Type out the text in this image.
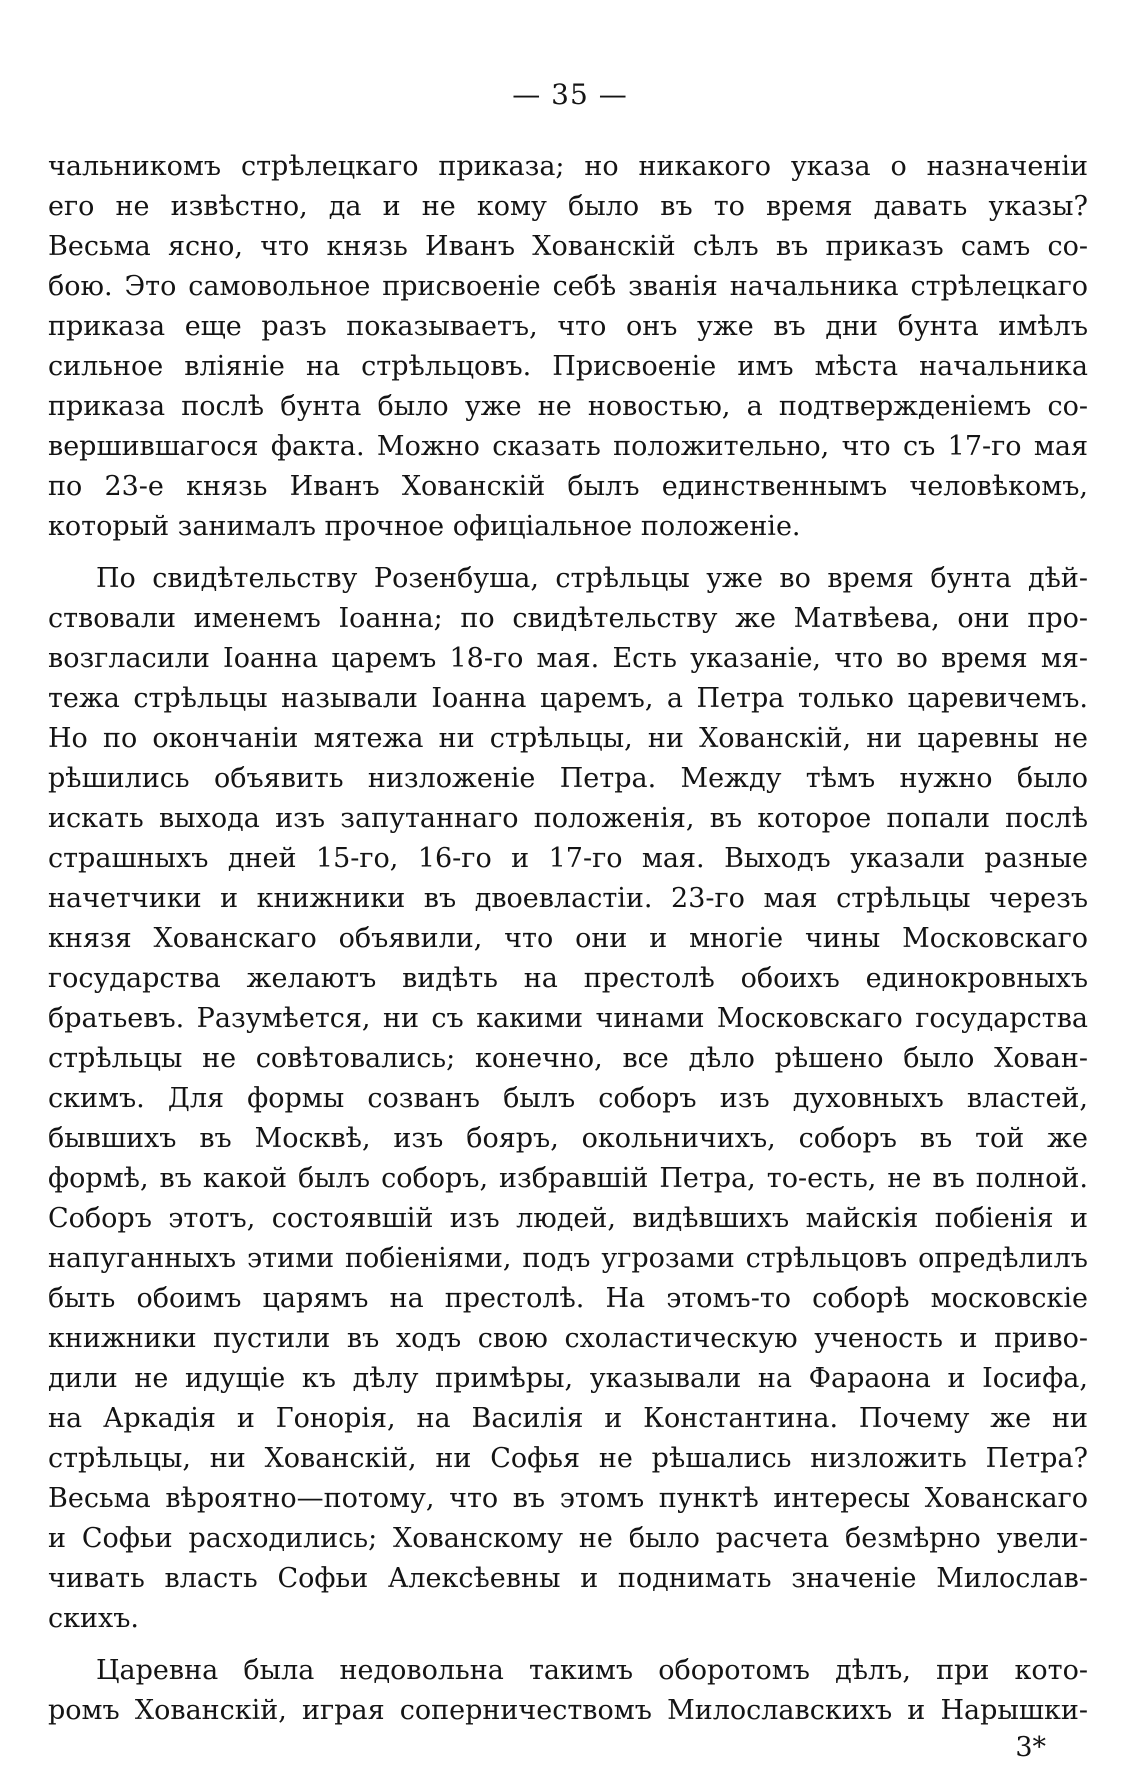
— 35 —
чальникомъ стрѣлецкаго приказа; но никакого указа о назначеніи
его не извѣстно, да и не кому было въ то время давать указы?
Весьма ясно, что князь Иванъ Хованскій сѣлъ въ приказъ самъ со-
бою. Это самовольное присвоеніе себѣ званія начальника стрѣлецкаго
приказа еще разъ показываетъ, что онъ уже въ дни бунта имѣлъ
сильное вліяніе на стрѣльцовъ. Присвоеніе имъ мѣста начальника
приказа послѣ бунта было уже не новостью, а подтвержденіемъ со-
вершившагося факта. Можно сказать положительно, что съ 17-го мая
по 23-е князь Иванъ Хованскій былъ единственнымъ человѣкомъ,
который занималъ прочное офиціальное положеніе.
По свидѣтельству Розенбуша, стрѣльцы уже во время бунта дѣй-
ствовали именемъ Іоанна; по свидѣтельству же Матвѣева, они про-
возгласили Іоанна царемъ 18-го мая. Есть указаніе, что во время мя-
тежа стрѣльцы называли Іоанна царемъ, а Петра только царевичемъ.
Но по окончаніи мятежа ни стрѣльцы, ни Хованскій, ни царевны не
рѣшились объявить низложеніе Петра. Между тѣмъ нужно было
искать выхода изъ запутаннаго положенія, въ которое попали послѣ
страшныхъ дней 15-го, 16-го и 17-го мая. Выходъ указали разные
начетчики и книжники въ двоевластіи. 23-го мая стрѣльцы черезъ
князя Хованскаго объявили, что они и многіе чины Московскаго
государства желаютъ видѣть на престолѣ обоихъ единокровныхъ
братьевъ. Разумѣется, ни съ какими чинами Московскаго государства
стрѣльцы не совѣтовались; конечно, все дѣло рѣшено было Хован-
скимъ. Для формы созванъ былъ соборъ изъ духовныхъ властей,
бывшихъ въ Москвѣ, изъ бояръ, окольничихъ, соборъ въ той же
формѣ, въ какой былъ соборъ, избравшій Петра, то-есть, не въ полной.
Соборъ этотъ, состоявшій изъ людей, видѣвшихъ майскія побіенія и
напуганныхъ этими побіеніями, подъ угрозами стрѣльцовъ опредѣлилъ
быть обоимъ царямъ на престолѣ. На этомъ-то соборѣ московскіе
книжники пустили въ ходъ свою схоластическую ученость и приво-
дили не идущіе къ дѣлу примѣры, указывали на Фараона и Іосифа,
на Аркадія и Гонорія, на Василія и Константина. Почему же ни
стрѣльцы, ни Хованскій, ни Софья не рѣшались низложить Петра?
Весьма вѣроятно—потому, что въ этомъ пунктѣ интересы Хованскаго
и Софьи расходились; Хованскому не было расчета безмѣрно увели-
чивать власть Софьи Алексѣевны и поднимать значеніе Милослав-
скихъ.
Царевна была недовольна такимъ оборотомъ дѣлъ, при кото-
ромъ Хованскій, играя соперничествомъ Милославскихъ и Нарышки-
3*
